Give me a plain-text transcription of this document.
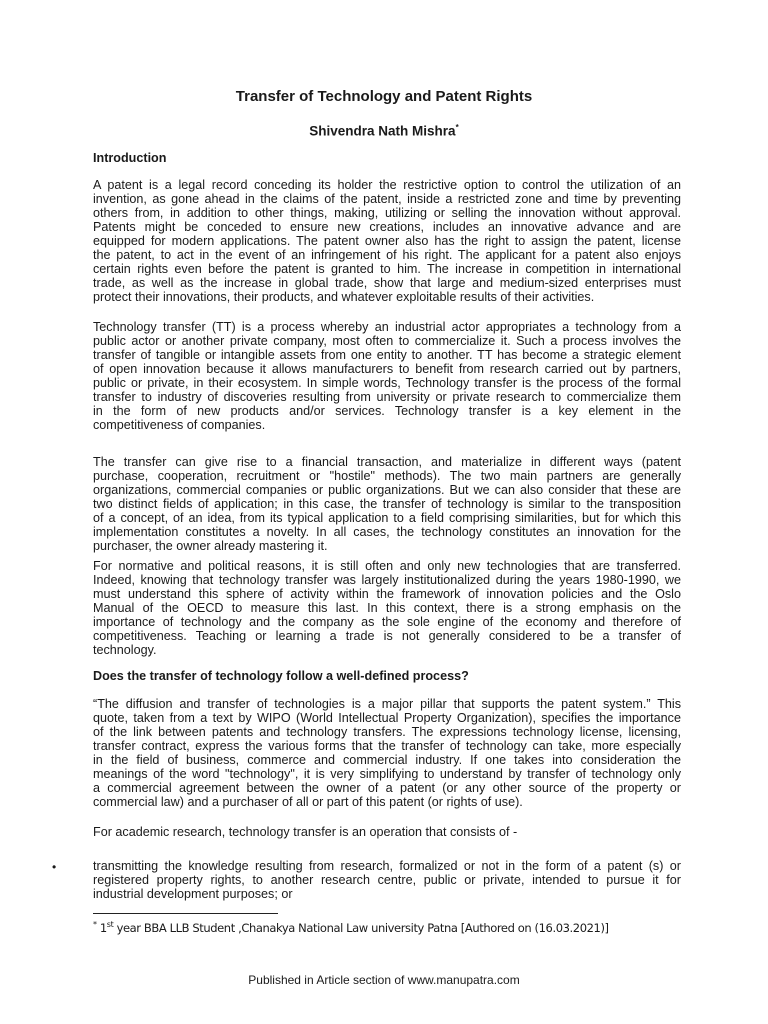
Transfer of Technology and Patent Rights
Shivendra Nath Mishra*
Introduction
A patent is a legal record conceding its holder the restrictive option to control the utilization of an
invention, as gone ahead in the claims of the patent, inside a restricted zone and time by preventing
others from, in addition to other things, making, utilizing or selling the innovation without approval.
Patents might be conceded to ensure new creations, includes an innovative advance and are
equipped for modern applications. The patent owner also has the right to assign the patent, license
the patent, to act in the event of an infringement of his right. The applicant for a patent also enjoys
certain rights even before the patent is granted to him. The increase in competition in international
trade, as well as the increase in global trade, show that large and medium-sized enterprises must
protect their innovations, their products, and whatever exploitable results of their activities.
Technology transfer (TT) is a process whereby an industrial actor appropriates a technology from a
public actor or another private company, most often to commercialize it. Such a process involves the
transfer of tangible or intangible assets from one entity to another. TT has become a strategic element
of open innovation because it allows manufacturers to benefit from research carried out by partners,
public or private, in their ecosystem. In simple words, Technology transfer is the process of the formal
transfer to industry of discoveries resulting from university or private research to commercialize them
in the form of new products and/or services. Technology transfer is a key element in the
competitiveness of companies.
The transfer can give rise to a financial transaction, and materialize in different ways (patent
purchase, cooperation, recruitment or "hostile" methods). The two main partners are generally
organizations, commercial companies or public organizations. But we can also consider that these are
two distinct fields of application; in this case, the transfer of technology is similar to the transposition
of a concept, of an idea, from its typical application to a field comprising similarities, but for which this
implementation constitutes a novelty. In all cases, the technology constitutes an innovation for the
purchaser, the owner already mastering it.
For normative and political reasons, it is still often and only new technologies that are transferred.
Indeed, knowing that technology transfer was largely institutionalized during the years 1980-1990, we
must understand this sphere of activity within the framework of innovation policies and the Oslo
Manual of the OECD to measure this last. In this context, there is a strong emphasis on the
importance of technology and the company as the sole engine of the economy and therefore of
competitiveness. Teaching or learning a trade is not generally considered to be a transfer of
technology.
Does the transfer of technology follow a well-defined process?
“The diffusion and transfer of technologies is a major pillar that supports the patent system.” This
quote, taken from a text by WIPO (World Intellectual Property Organization), specifies the importance
of the link between patents and technology transfers. The expressions technology license, licensing,
transfer contract, express the various forms that the transfer of technology can take, more especially
in the field of business, commerce and commercial industry. If one takes into consideration the
meanings of the word "technology", it is very simplifying to understand by transfer of technology only
a commercial agreement between the owner of a patent (or any other source of the property or
commercial law) and a purchaser of all or part of this patent (or rights of use).
For academic research, technology transfer is an operation that consists of -
•	transmitting the knowledge resulting from research, formalized or not in the form of a patent (s) or
registered property rights, to another research centre, public or private, intended to pursue it for
industrial development purposes; or
* 1st year BBA LLB Student ,Chanakya National Law university Patna [Authored on (16.03.2021)]
Published in Article section of www.manupatra.com
